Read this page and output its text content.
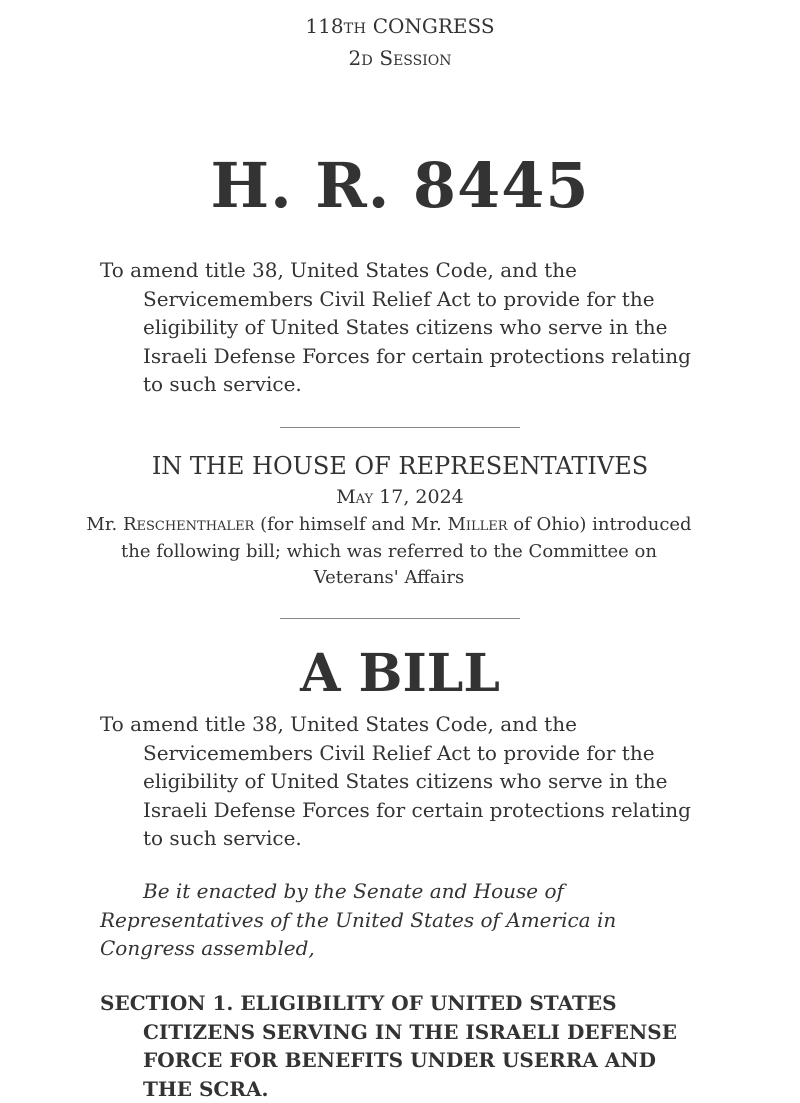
118TH CONGRESS
2D Session
H. R. 8445
To amend title 38, United States Code, and the Servicemembers Civil Relief Act to provide for the eligibility of United States citizens who serve in the Israeli Defense Forces for certain protections relating to such service.
IN THE HOUSE OF REPRESENTATIVES
May 17, 2024
Mr. Reschenthaler (for himself and Mr. Miller of Ohio) introduced the following bill; which was referred to the Committee on Veterans' Affairs
A BILL
To amend title 38, United States Code, and the Servicemembers Civil Relief Act to provide for the eligibility of United States citizens who serve in the Israeli Defense Forces for certain protections relating to such service.
Be it enacted by the Senate and House of Representatives of the United States of America in Congress assembled,
SECTION 1. ELIGIBILITY OF UNITED STATES CITIZENS SERVING IN THE ISRAELI DEFENSE FORCE FOR BENEFITS UNDER USERRA AND THE SCRA.
